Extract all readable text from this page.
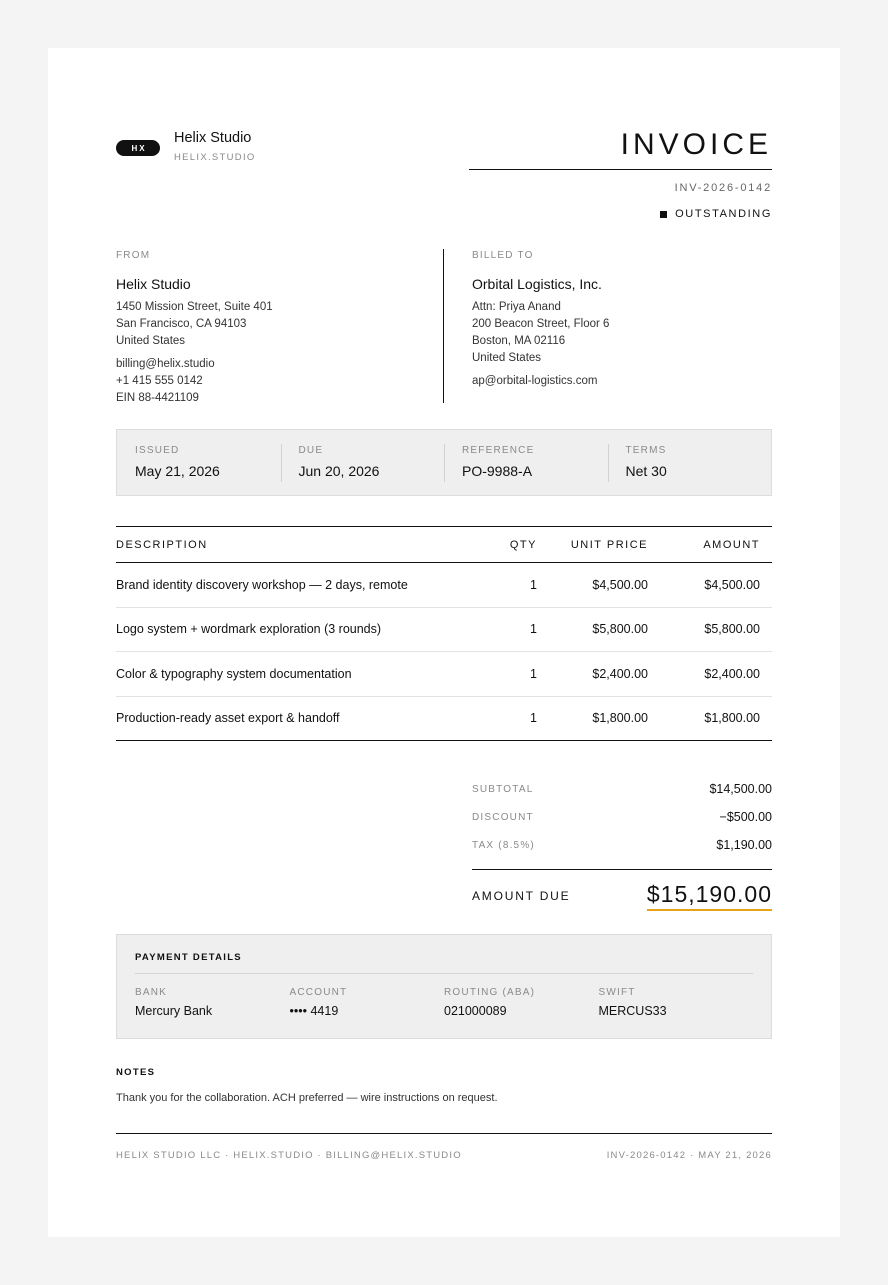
HX
Helix Studio
HELIX.STUDIO	INVOICE
INV-2026-0142
OUTSTANDING
FROM
Helix Studio
1450 Mission Street, Suite 401
San Francisco, CA 94103
United States
billing@helix.studio
+1 415 555 0142
EIN 88-4421109
BILLED TO
Orbital Logistics, Inc.
Attn: Priya Anand
200 Beacon Street, Floor 6
Boston, MA 02116
United States
ap@orbital-logistics.com
ISSUED
May 21, 2026
DUE
Jun 20, 2026
REFERENCE
PO-9988-A
TERMS
Net 30
DESCRIPTION	QTY	UNIT PRICE	AMOUNT
Brand identity discovery workshop — 2 days, remote	1	$4,500.00	$4,500.00
Logo system + wordmark exploration (3 rounds)	1	$5,800.00	$5,800.00
Color & typography system documentation	1	$2,400.00	$2,400.00
Production-ready asset export & handoff	1	$1,800.00	$1,800.00
SUBTOTAL	$14,500.00
DISCOUNT	−$500.00
TAX (8.5%)	$1,190.00
AMOUNT DUE	$15,190.00
PAYMENT DETAILS
BANK
Mercury Bank
ACCOUNT
•••• 4419
ROUTING (ABA)
021000089
SWIFT
MERCUS33
NOTES
Thank you for the collaboration. ACH preferred — wire instructions on request.
HELIX STUDIO LLC · HELIX.STUDIO · BILLING@HELIX.STUDIO	INV-2026-0142 · MAY 21, 2026
